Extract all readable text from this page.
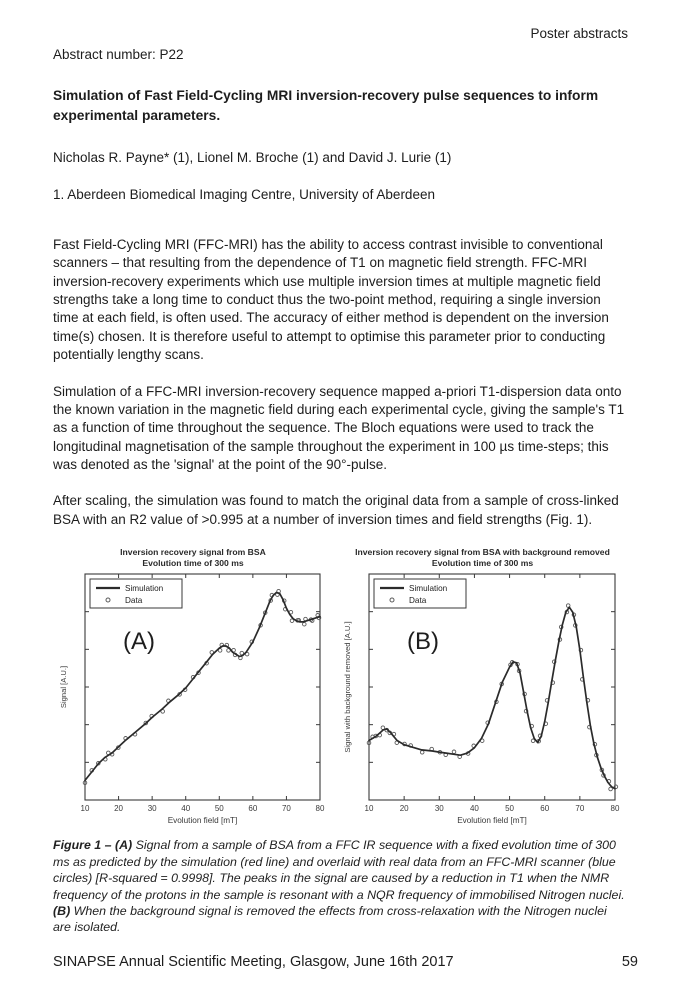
Poster abstracts
Abstract number: P22
Simulation of Fast Field-Cycling MRI inversion-recovery pulse sequences to inform experimental parameters.

Nicholas R. Payne* (1), Lionel M. Broche (1) and David J. Lurie (1)

1. Aberdeen Biomedical Imaging Centre, University of Aberdeen

Fast Field-Cycling MRI (FFC-MRI) has the ability to access contrast invisible to conventional scanners – that resulting from the dependence of T1 on magnetic field strength. FFC-MRI inversion-recovery experiments which use multiple inversion times at multiple magnetic field strengths take a long time to conduct thus the two-point method, requiring a single inversion time at each field, is often used. The accuracy of either method is dependent on the inversion time(s) chosen. It is therefore useful to attempt to optimise this parameter prior to conducting potentially lengthy scans.

Simulation of a FFC-MRI inversion-recovery sequence mapped a-priori T1-dispersion data onto the known variation in the magnetic field during each experimental cycle, giving the sample's T1 as a function of time throughout the sequence. The Bloch equations were used to track the longitudinal magnetisation of the sample throughout the experiment in 100 µs time-steps; this was denoted as the 'signal' at the point of the 90°-pulse.

After scaling, the simulation was found to match the original data from a sample of cross-linked BSA with an R2 value of >0.995 at a number of inversion times and field strengths (Fig. 1).

Inversion recovery signal from BSA
Evolution time of 300 ms
10	20	30	40	50	60	70	80
Evolution field [mT]
Signal [A.U.]
Simulation
Data
(A)
Inversion recovery signal from BSA with background removed
Evolution time of 300 ms
10	20	30	40	50	60	70	80
Evolution field [mT]
Signal with background removed [A.U.]
Simulation
Data
(B)

Figure 1 – (A) Signal from a sample of BSA from a FFC IR sequence with a fixed evolution time of 300 ms as predicted by the simulation (red line) and overlaid with real data from an FFC-MRI scanner (blue circles) [R-squared = 0.9998]. The peaks in the signal are caused by a reduction in T1 when the NMR frequency of the protons in the sample is resonant with a NQR frequency of immobilised Nitrogen nuclei. (B) When the background signal is removed the effects from cross-relaxation with the Nitrogen nuclei are isolated.

SINAPSE Annual Scientific Meeting, Glasgow, June 16th 2017	59
